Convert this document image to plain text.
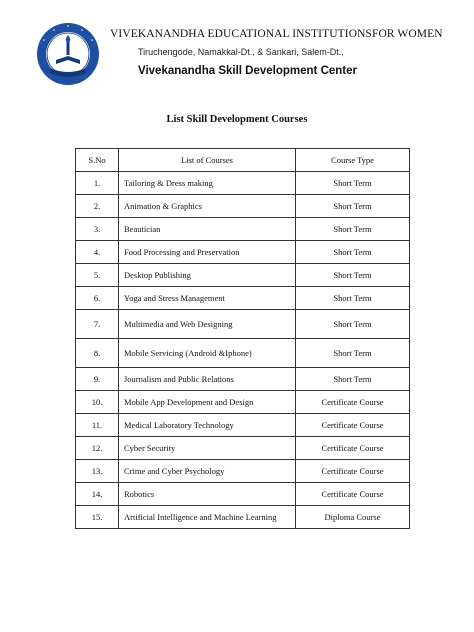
VIVEKANANDHA EDUCATIONAL INSTITUTIONSFOR WOMEN
Tiruchengode, Namakkal-Dt., & Sankari, Salem-Dt.,
Vivekanandha Skill Development Center
List Skill Development Courses
S.No	List of Courses	Course Type
1.	Tailoring & Dress making	Short Term
2.	Animation & Graphics	Short Term
3.	Beautician	Short Term
4.	Food Processing and Preservation	Short Term
5.	Desktop Publishing	Short Term
6.	Yoga and Stress Management	Short Term
7.	Multimedia and Web Designing	Short Term
8.	Mobile Servicing (Android &Iphone)	Short Term
9.	Journalism and Public Relations	Short Term
10.	Mobile App Development and Design	Certificate Course
11.	Medical Laboratory Technology	Certificate Course
12.	Cyber Security	Certificate Course
13.	Crime and Cyber Psychology	Certificate Course
14.	Robotics	Certificate Course
15.	Artificial Intelligence and Machine Learning	Diploma Course
